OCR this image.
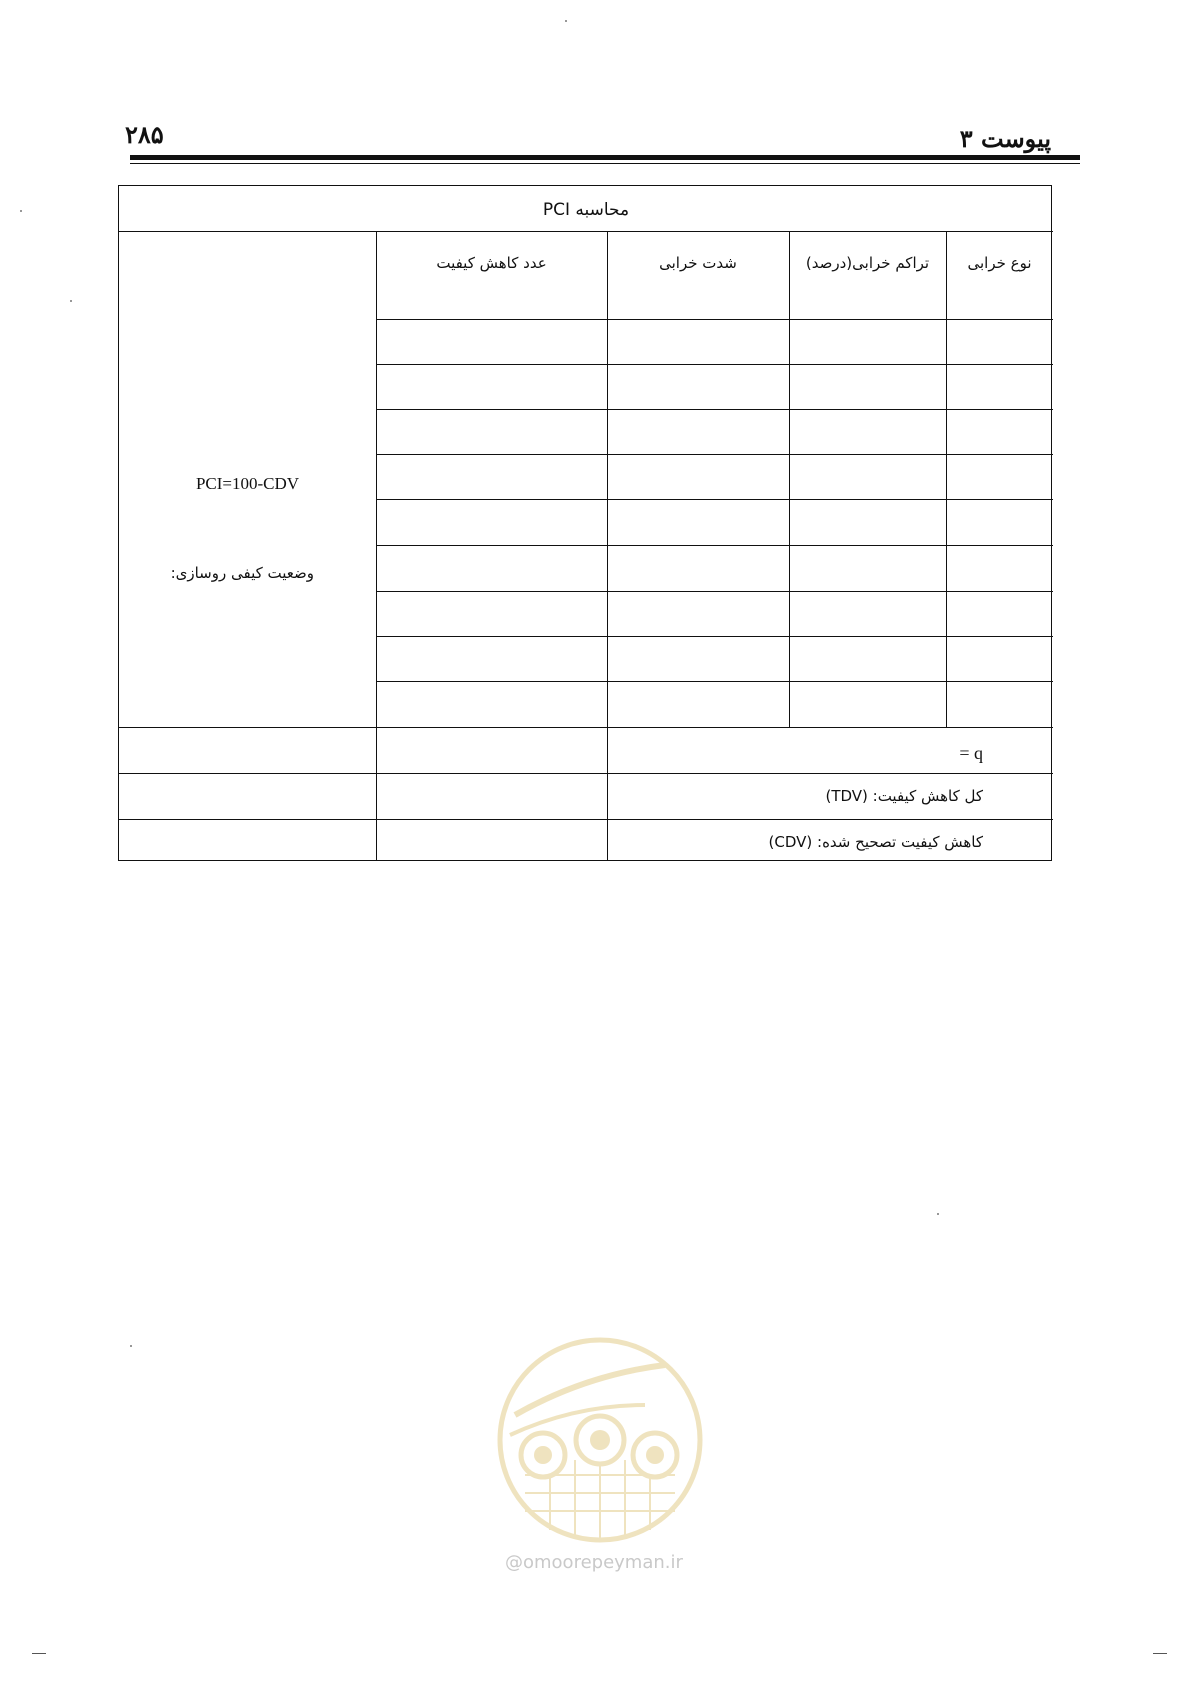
۲۸۵	پیوست ۳
محاسبه PCI
نوع خرابی
تراکم خرابی(درصد)
شدت خرابی
عدد کاهش کیفیت
PCI=100-CDV
وضعیت کیفی روسازی:
q =
کل کاهش کیفیت: (TDV)
کاهش کیفیت تصحیح شده: (CDV)
@omoorepeyman.ir
